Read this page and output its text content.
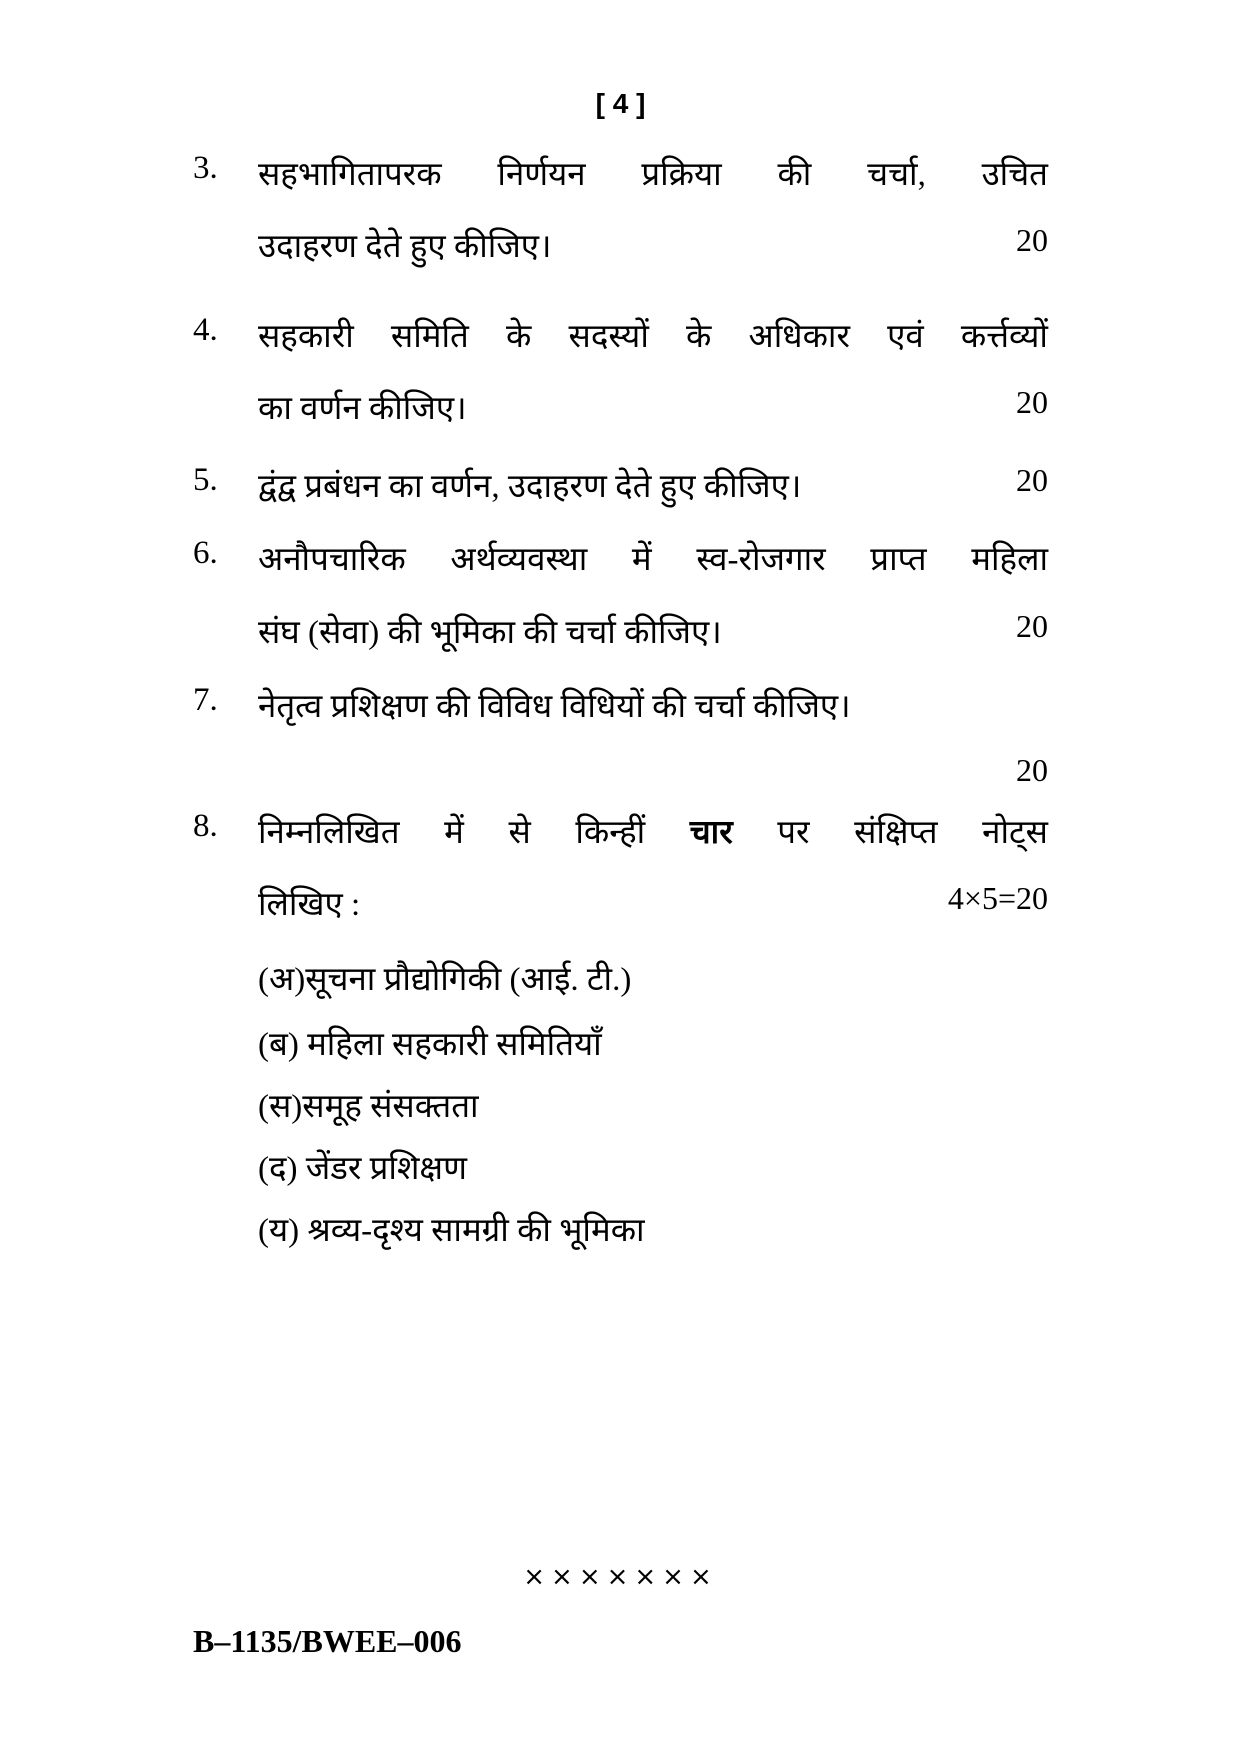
[ 4 ]
3. सहभागितापरक निर्णयन प्रक्रिया की चर्चा, उचित
उदाहरण देते हुए कीजिए।	20
4. सहकारी समिति के सदस्यों के अधिकार एवं कर्त्तव्यों
का वर्णन कीजिए।	20
5. द्वंद्व प्रबंधन का वर्णन, उदाहरण देते हुए कीजिए।	20
6. अनौपचारिक अर्थव्यवस्था में स्व-रोजगार प्राप्त महिला
संघ (सेवा) की भूमिका की चर्चा कीजिए।	20
7. नेतृत्व प्रशिक्षण की विविध विधियों की चर्चा कीजिए।
20
8. निम्नलिखित में से किन्हीं चार पर संक्षिप्त नोट्स
लिखिए :	4×5=20
(अ)सूचना प्रौद्योगिकी (आई. टी.)
(ब) महिला सहकारी समितियाँ
(स)समूह संसक्तता
(द) जेंडर प्रशिक्षण
(य) श्रव्य-दृश्य सामग्री की भूमिका
×××××××
B–1135/BWEE–006
